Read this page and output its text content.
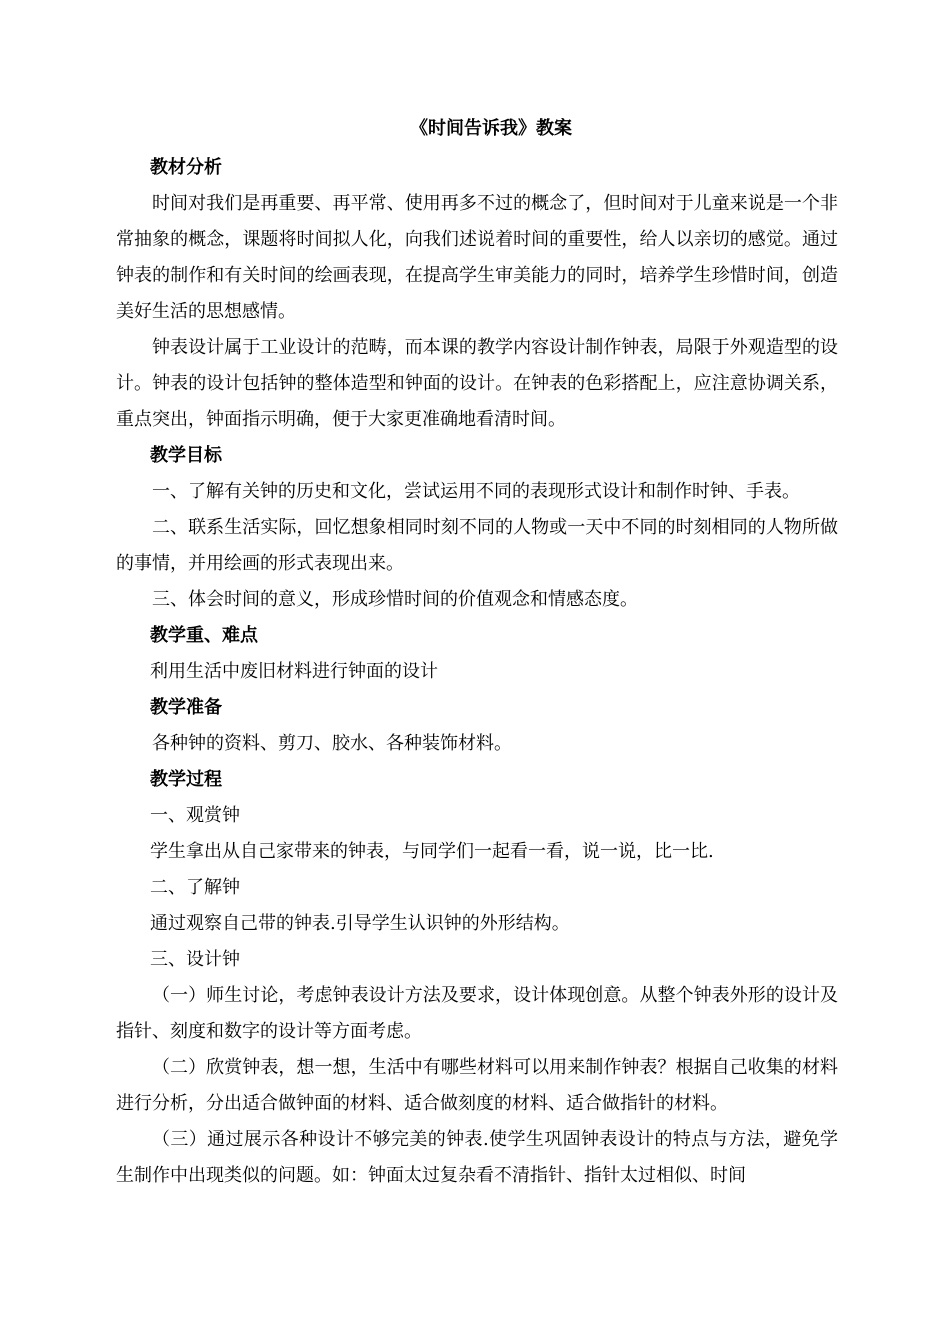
《时间告诉我》教案

教材分析

时间对我们是再重要、再平常、使用再多不过的概念了，但时间对于儿童来说是一个非常抽象的概念，课题将时间拟人化，向我们述说着时间的重要性，给人以亲切的感觉。通过钟表的制作和有关时间的绘画表现，在提高学生审美能力的同时，培养学生珍惜时间，创造美好生活的思想感情。

钟表设计属于工业设计的范畴，而本课的教学内容设计制作钟表，局限于外观造型的设计。钟表的设计包括钟的整体造型和钟面的设计。在钟表的色彩搭配上，应注意协调关系，重点突出，钟面指示明确，便于大家更准确地看清时间。

教学目标

一、了解有关钟的历史和文化，尝试运用不同的表现形式设计和制作时钟、手表。

二、联系生活实际，回忆想象相同时刻不同的人物或一天中不同的时刻相同的人物所做的事情，并用绘画的形式表现出来。

三、体会时间的意义，形成珍惜时间的价值观念和情感态度。

教学重、难点

利用生活中废旧材料进行钟面的设计

教学准备

各种钟的资料、剪刀、胶水、各种装饰材料。

教学过程

一、观赏钟

学生拿出从自己家带来的钟表，与同学们一起看一看，说一说，比一比.

二、了解钟

通过观察自己带的钟表.引导学生认识钟的外形结构。

三、设计钟

（一）师生讨论，考虑钟表设计方法及要求，设计体现创意。从整个钟表外形的设计及指针、刻度和数字的设计等方面考虑。

（二）欣赏钟表，想一想，生活中有哪些材料可以用来制作钟表？根据自己收集的材料进行分析，分出适合做钟面的材料、适合做刻度的材料、适合做指针的材料。

（三）通过展示各种设计不够完美的钟表.使学生巩固钟表设计的特点与方法，避免学生制作中出现类似的问题。如：钟面太过复杂看不清指针、指针太过相似、时间
